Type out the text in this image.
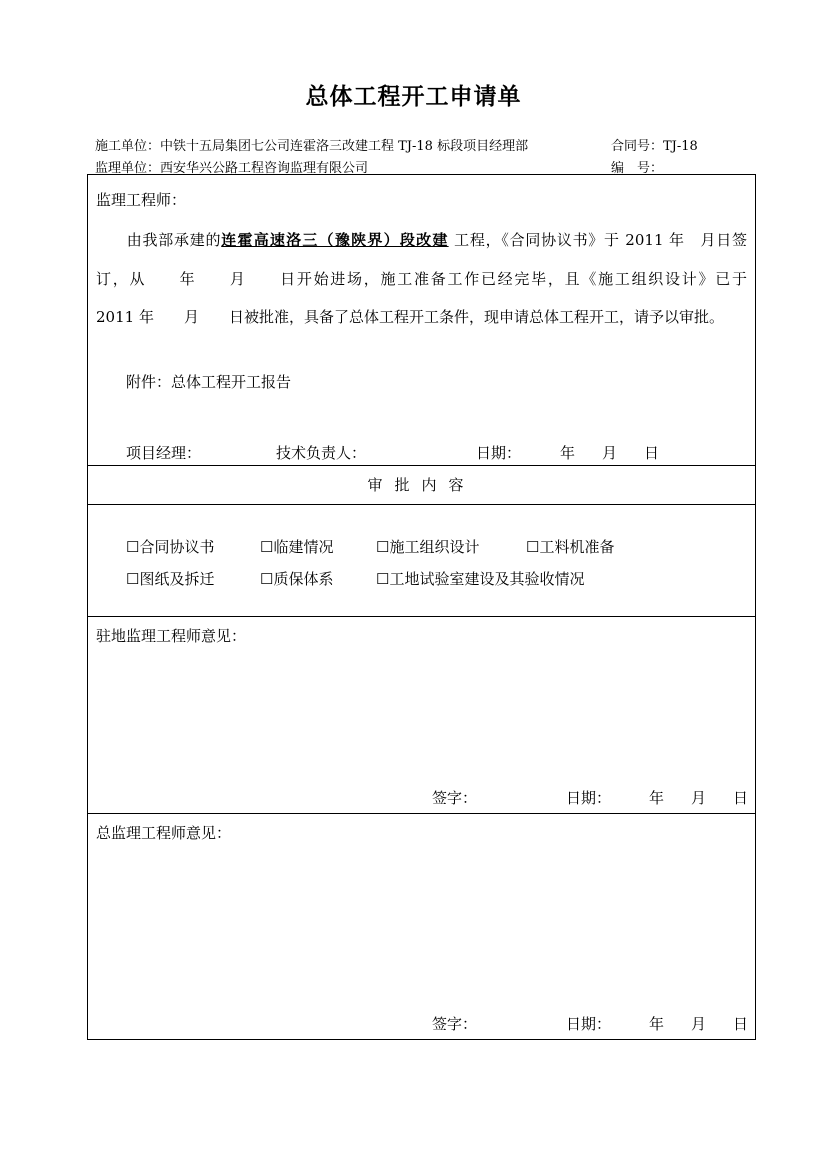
总体工程开工申请单
施工单位：中铁十五局集团七公司连霍洛三改建工程 TJ-18 标段项目经理部	合同号：TJ-18
监理单位：西安华兴公路工程咨询监理有限公司	编　号：
监理工程师：
由我部承建的连霍高速洛三（豫陕界）段改建 工程，《合同协议书》于 2011 年　月日签订，从　　年　　月　　日开始进场，施工准备工作已经完毕，且《施工组织设计》已于　　2011 年　　月　　日被批准，具备了总体工程开工条件，现申请总体工程开工，请予以审批。
附件：总体工程开工报告
项目经理：	技术负责人：	日期：	年 月 日

审批内容

☐合同协议书	☐临建情况	☐施工组织设计	☐工料机准备
☐图纸及拆迁	☐质保体系	☐工地试验室建设及其验收情况

驻地监理工程师意见：
签字：	日期：	年 月 日

总监理工程师意见：
签字：	日期：	年 月 日
